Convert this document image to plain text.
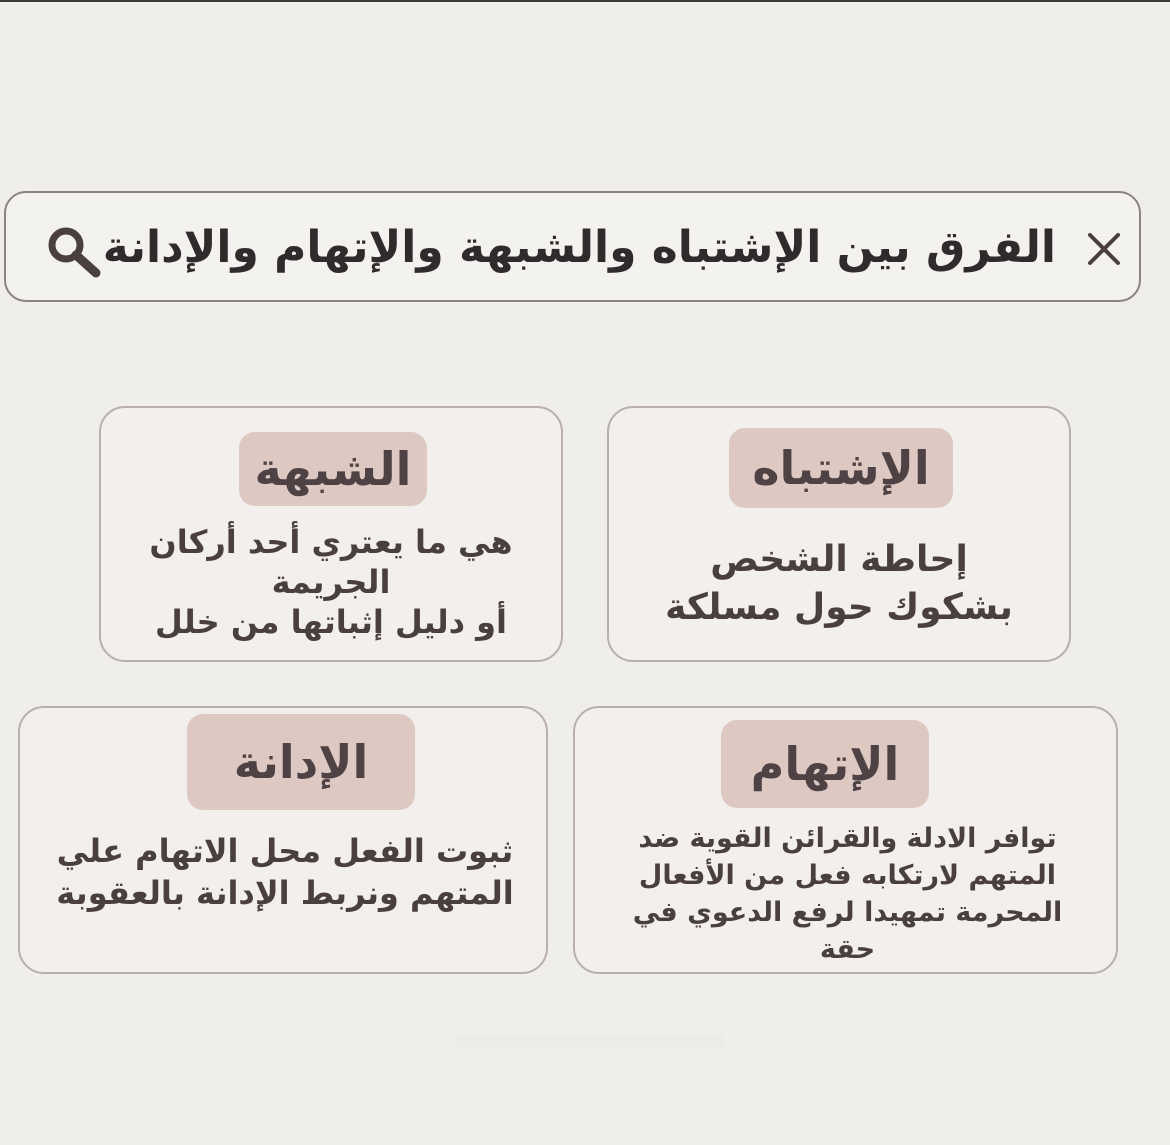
الفرق بين الإشتباه والشبهة والإتهام والإدانة
الإشتباه
إحاطة الشخص
بشكوك حول مسلكة
الشبهة
هي ما يعتري أحد أركان
الجريمة
أو دليل إثباتها من خلل
الإتهام
توافر الادلة والقرائن القوية ضد
المتهم لارتكابه فعل من الأفعال
المحرمة تمهيدا لرفع الدعوي في
حقة
الإدانة
ثبوت الفعل محل الاتهام علي
المتهم ونربط الإدانة بالعقوبة
